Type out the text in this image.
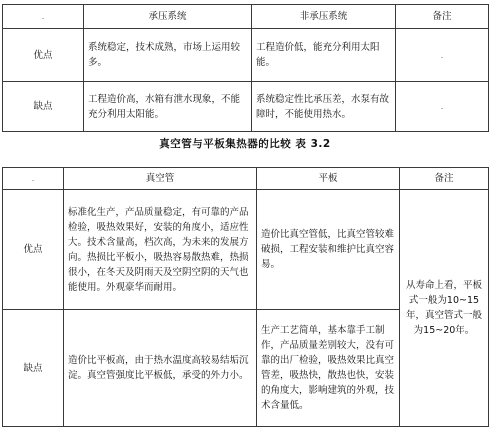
.	承压系统	非承压系统	备注
优点	系统稳定，技术成熟，市场上运用较多。	工程造价低，能充分利用太阳能。	.
缺点	工程造价高，水箱有泄水现象，不能充分利用太阳能。	系统稳定性比承压差，水泵有故障时，不能使用热水。	.
真空管与平板集热器的比较 表 3.2
.	真空管	平板	备注
优点	标准化生产，产品质量稳定，有可靠的产品检验，吸热效果好，安装的角度小，适应性大。技术含量高，档次高，为未来的发展方向。热损比平板小，吸热容易散热难，热损很小，在冬天及阴雨天及空阴空阴的天气也能使用。外观豪华而耐用。	造价比真空管低，比真空管较难破损，工程安装和维护比真空容易。	从寿命上看，平板式一般为10~15年，真空管式一般为15~20年。
缺点	造价比平板高，由于热水温度高较易结垢沉淀。真空管强度比平板低，承受的外力小。	生产工艺简单，基本靠手工制作，产品质量差别较大，没有可靠的出厂检验，吸热效果比真空管差，吸热快，散热也快，安装的角度大，影响建筑的外观，技术含量低。	
